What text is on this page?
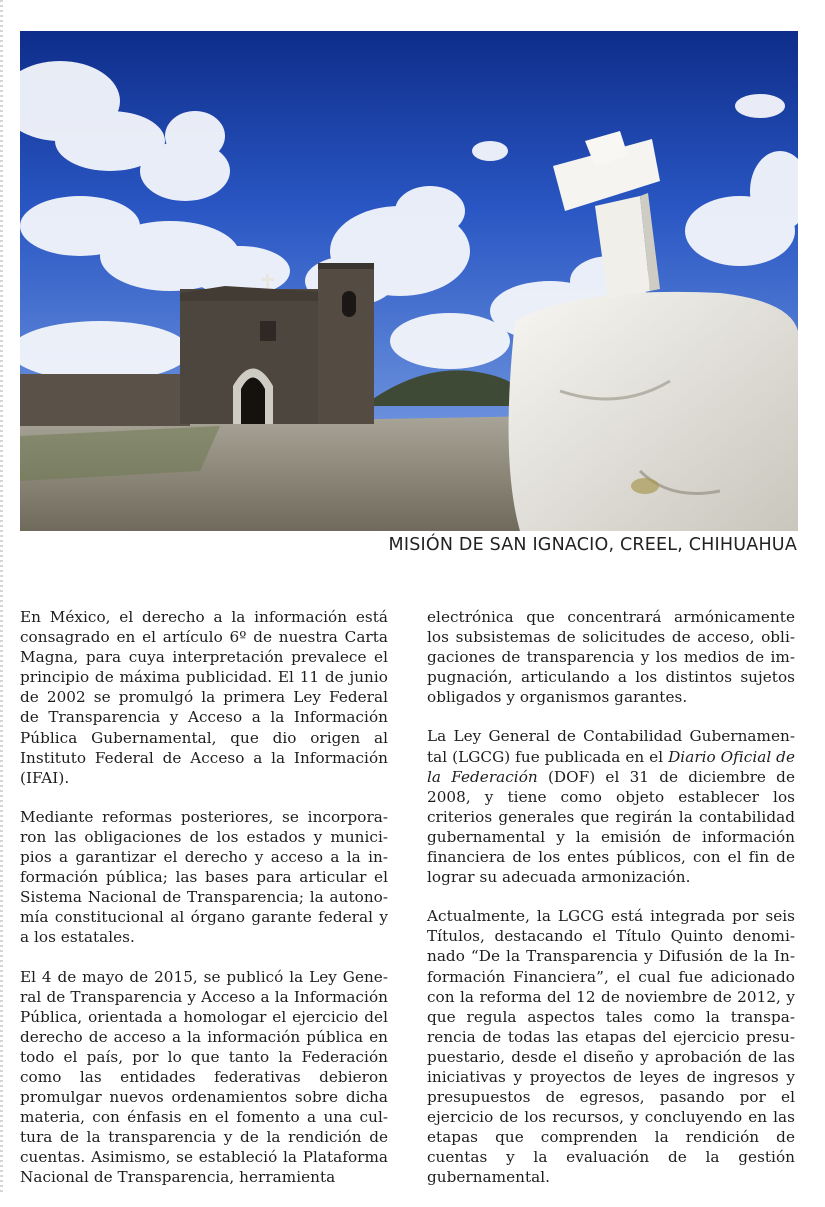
MISIÓN DE SAN IGNACIO, CREEL, CHIHUAHUA

En México, el derecho a la información está consagrado en el artículo 6º de nuestra Carta Magna, para cuya interpretación prevalece el principio de máxima publicidad. El 11 de junio de 2002 se promulgó la primera Ley Federal de Transparencia y Acceso a la Información Pública Gubernamental, que dio origen al Instituto Federal de Acceso a la Información (IFAI).

Mediante reformas posteriores, se incorporaron las obligaciones de los estados y municipios a garantizar el derecho y acceso a la información pública; las bases para articular el Sistema Nacional de Transparencia; la autonomía constitucional al órgano garante federal y a los estatales.

El 4 de mayo de 2015, se publicó la Ley General de Transparencia y Acceso a la Información Pública, orientada a homologar el ejercicio del derecho de acceso a la información pública en todo el país, por lo que tanto la Federación como las entidades federativas debieron promulgar nuevos ordenamientos sobre dicha materia, con énfasis en el fomento a una cultura de la transparencia y de la rendición de cuentas. Asimismo, se estableció la Plataforma Nacional de Transparencia, herramienta

electrónica que concentrará armónicamente los subsistemas de solicitudes de acceso, obligaciones de transparencia y los medios de impugnación, articulando a los distintos sujetos obligados y organismos garantes.

La Ley General de Contabilidad Gubernamental (LGCG) fue publicada en el Diario Oficial de la Federación (DOF) el 31 de diciembre de 2008, y tiene como objeto establecer los criterios generales que regirán la contabilidad gubernamental y la emisión de información financiera de los entes públicos, con el fin de lograr su adecuada armonización.

Actualmente, la LGCG está integrada por seis Títulos, destacando el Título Quinto denominado “De la Transparencia y Difusión de la Información Financiera”, el cual fue adicionado con la reforma del 12 de noviembre de 2012, y que regula aspectos tales como la transparencia de todas las etapas del ejercicio presupuestario, desde el diseño y aprobación de las iniciativas y proyectos de leyes de ingresos y presupuestos de egresos, pasando por el ejercicio de los recursos, y concluyendo en las etapas que comprenden la rendición de cuentas y la evaluación de la gestión gubernamental.
